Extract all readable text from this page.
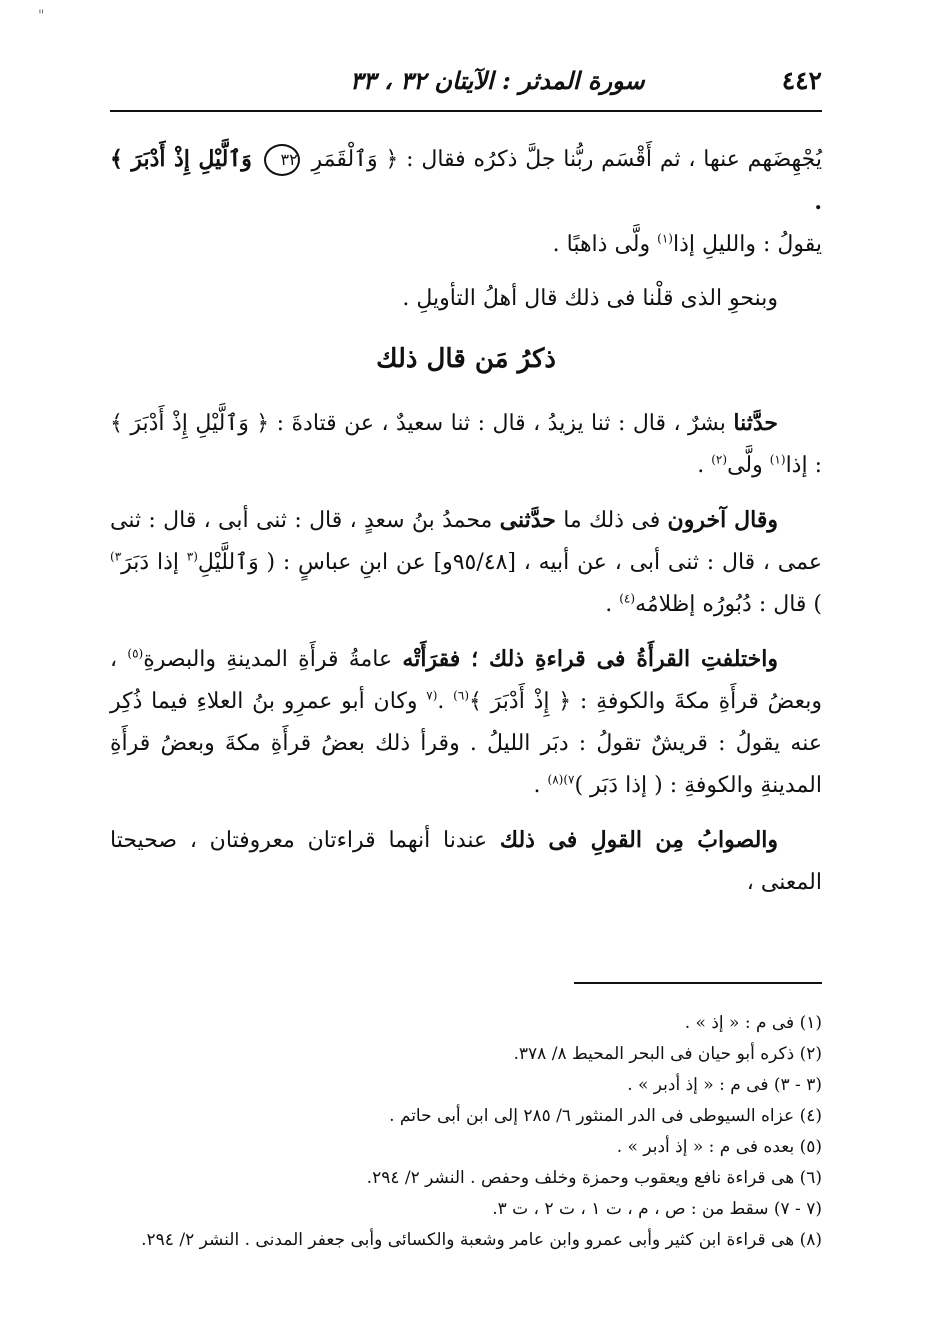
"
٤٤٢
سورة المدثر : الآيتان ٣٢ ، ٣٣

يُجْهِضَهم عنها ، ثم أَقْسَم ربُّنا جلَّ ذكرُه فقال : ﴿ وَٱلْقَمَرِ ٣٢ وَٱلَّيْلِ إِذْ أَدْبَرَ ﴾ .
يقولُ : والليلِ إذا$^{(١)}$ ولَّى ذاهبًا .

وبنحوِ الذى قلْنا فى ذلك قال أهلُ التأويلِ .

ذكرُ مَن قال ذلك

حدَّثنا بشرٌ ، قال : ثنا يزيدُ ، قال : ثنا سعيدٌ ، عن قتادةَ : ﴿ وَٱلَّيْلِ إِذْ أَدْبَرَ ﴾ : إذا$^{(١)}$ ولَّى$^{(٢)}$ .

وقال آخرون فى ذلك ما حدَّثنى محمدُ بنُ سعدٍ ، قال : ثنى أبى ، قال : ثنى عمى ، قال : ثنى أبى ، عن أبيه ، [٩٥/٤٨و] عن ابنِ عباسٍ : ( وَٱللَّيْلِ$^{(٣}$ إذا دَبَرَ$^{٣)}$ ) قال : دُبُورُه إظلامُه$^{(٤)}$ .

واختلفتِ القرأَةُ فى قراءةِ ذلك ؛ فقرَأَتْه عامةُ قرأَةِ المدينةِ والبصرةِ$^{(٥)}$ ، وبعضُ قرأَةِ مكةَ والكوفةِ : ﴿ إِذْ أَدْبَرَ ﴾$^{(٦)}$ .$^{(٧}$ وكان أبو عمرِو بنُ العلاءِ فيما ذُكِر عنه يقولُ : قريشٌ تقولُ : دبَر الليلُ . وقرأ ذلك بعضُ قرأَةِ مكةَ وبعضُ قرأَةِ المدينةِ والكوفةِ : ( إذا دَبَر )$^{٧)(٨)}$ .

والصوابُ مِن القولِ فى ذلك عندنا أنهما قراءتان معروفتان ، صحيحتا المعنى ،

(١) فى م : « إذ » .
(٢) ذكره أبو حيان فى البحر المحيط ٨/ ٣٧٨.
(٣ - ٣) فى م : « إذ أدبر » .
(٤) عزاه السيوطى فى الدر المنثور ٦/ ٢٨٥ إلى ابن أبى حاتم .
(٥) بعده فى م : « إذ أدبر » .
(٦) هى قراءة نافع ويعقوب وحمزة وخلف وحفص . النشر ٢/ ٢٩٤.
(٧ - ٧) سقط من : ص ، م ، ت ١ ، ت ٢ ، ت ٣.
(٨) هى قراءة ابن كثير وأبى عمرو وابن عامر وشعبة والكسائى وأبى جعفر المدنى . النشر ٢/ ٢٩٤.
